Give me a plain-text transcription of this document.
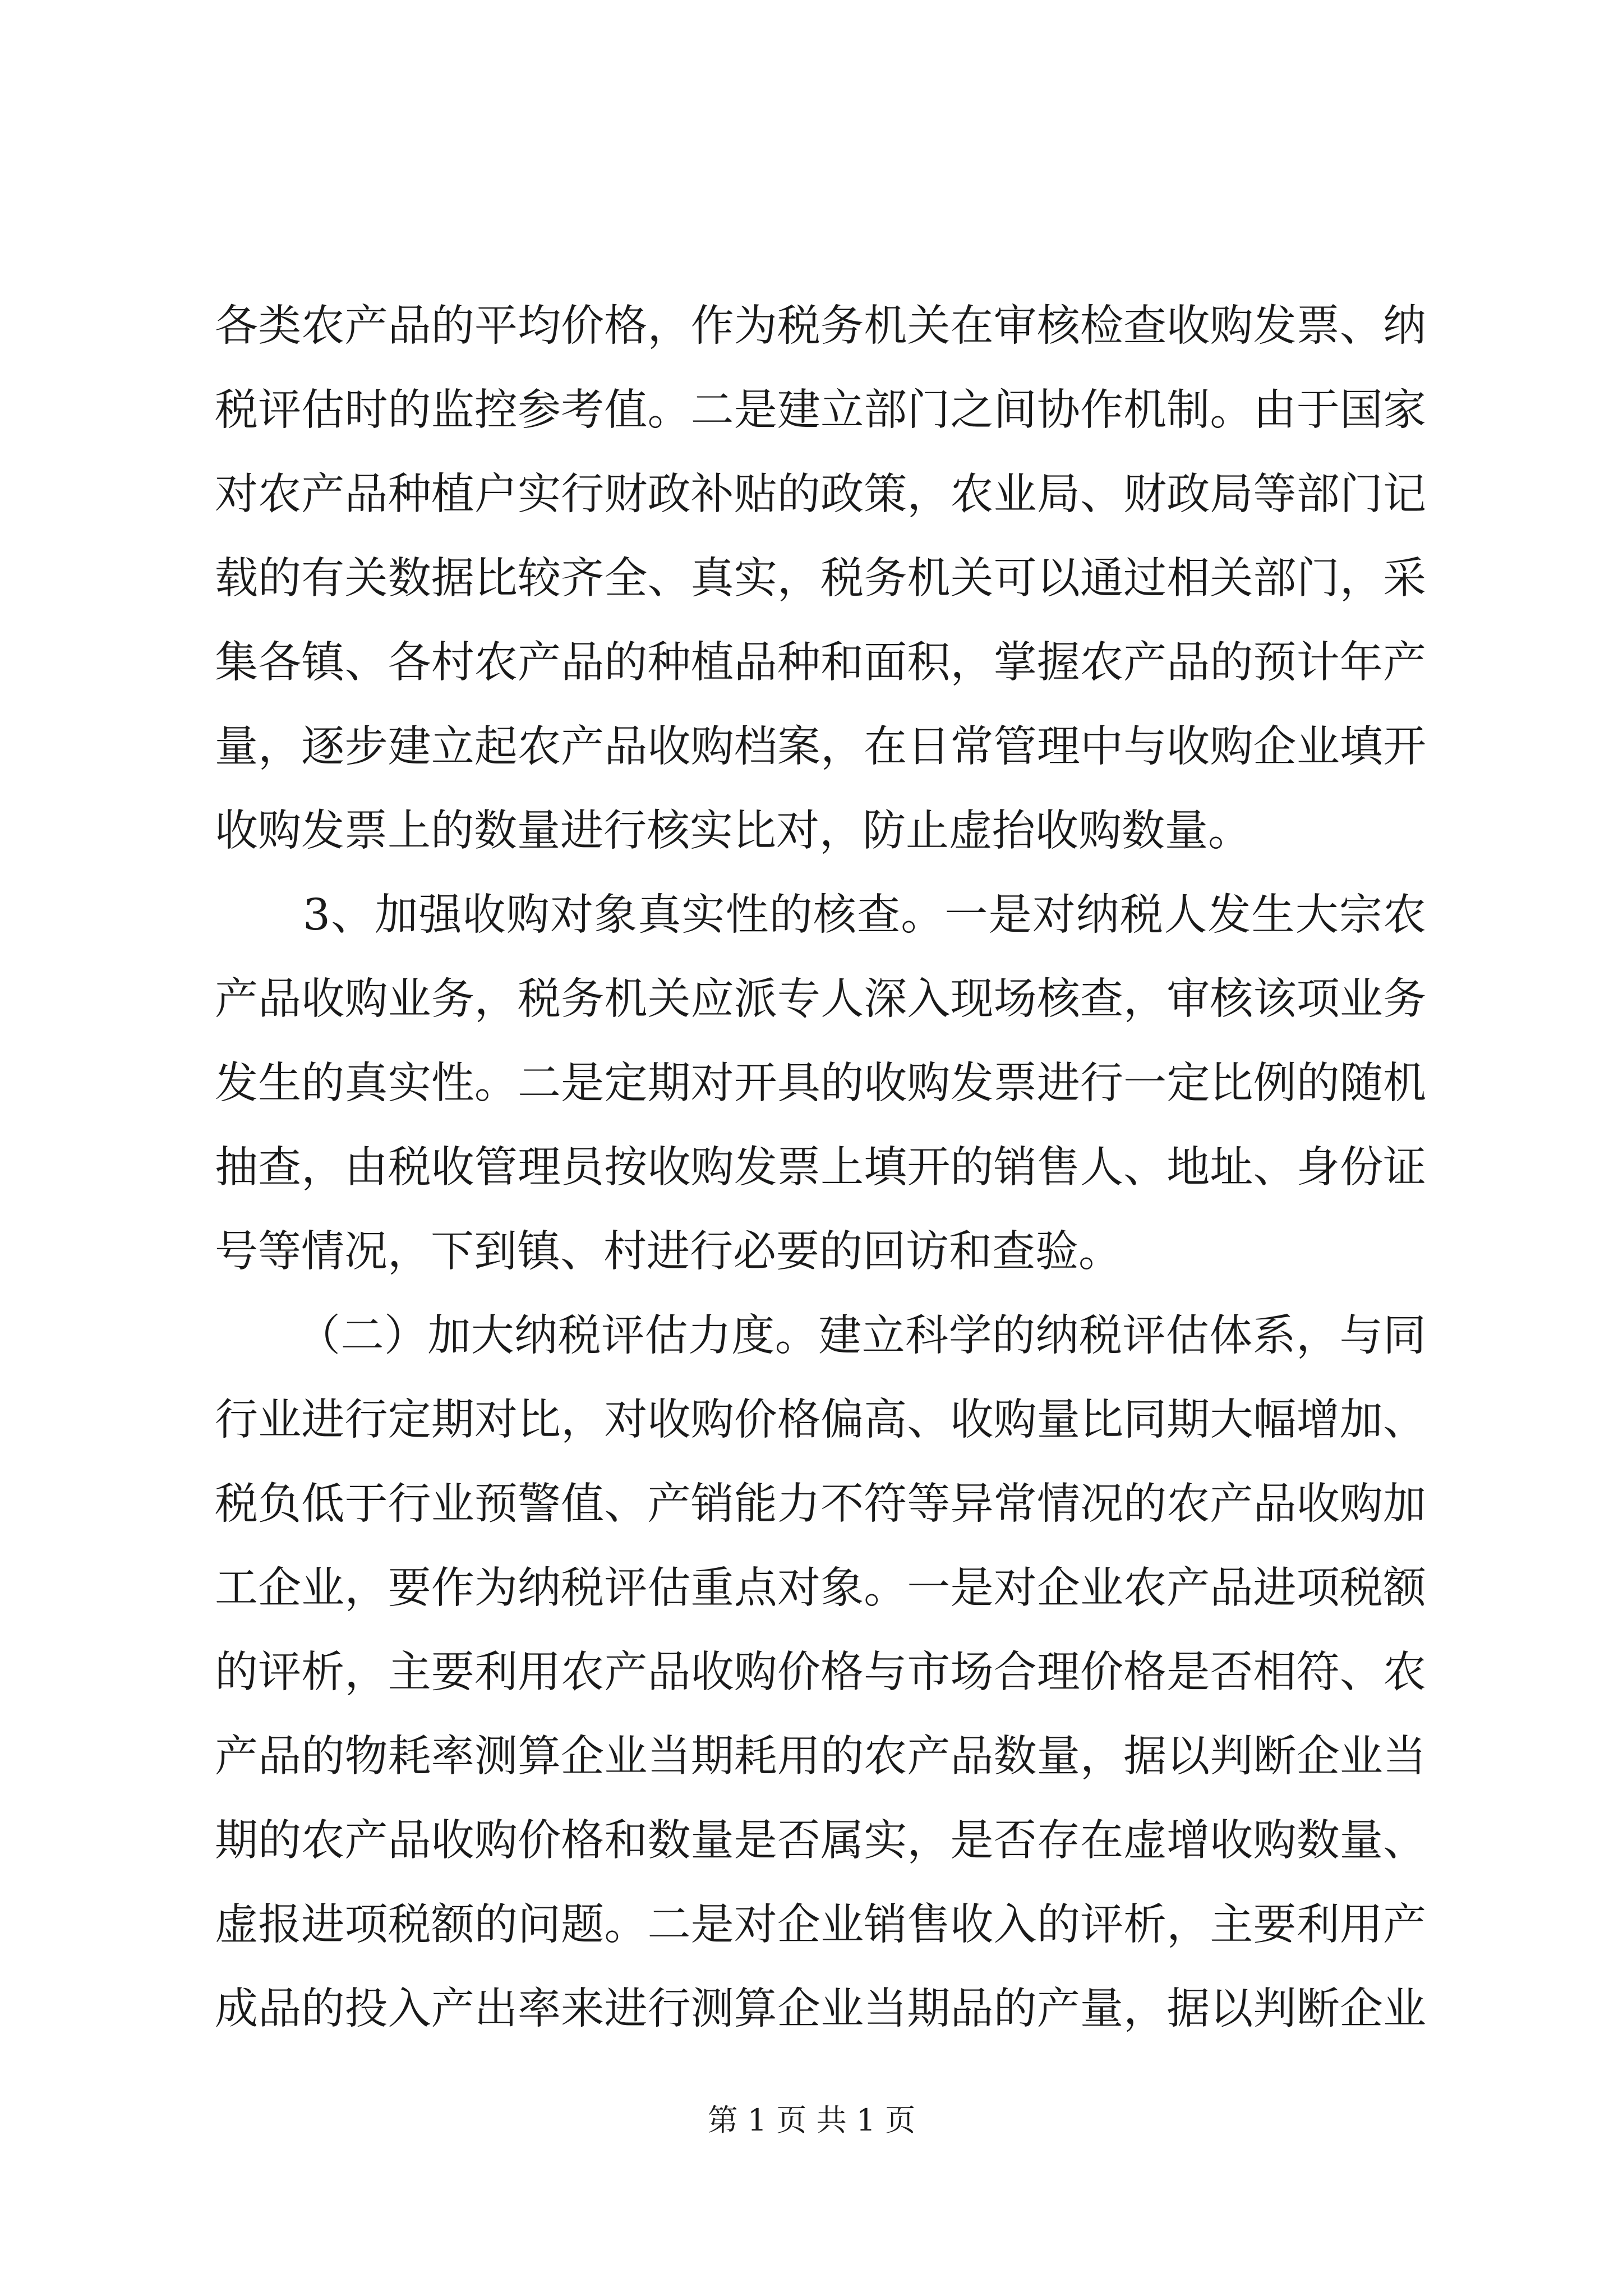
各类农产品的平均价格，作为税务机关在审核检查收购发票、纳
税评估时的监控参考值。二是建立部门之间协作机制。由于国家
对农产品种植户实行财政补贴的政策，农业局、财政局等部门记
载的有关数据比较齐全、真实，税务机关可以通过相关部门，采
集各镇、各村农产品的种植品种和面积，掌握农产品的预计年产
量，逐步建立起农产品收购档案，在日常管理中与收购企业填开
收购发票上的数量进行核实比对，防止虚抬收购数量。
3、加强收购对象真实性的核查。一是对纳税人发生大宗农
产品收购业务，税务机关应派专人深入现场核查，审核该项业务
发生的真实性。二是定期对开具的收购发票进行一定比例的随机
抽查，由税收管理员按收购发票上填开的销售人、地址、身份证
号等情况，下到镇、村进行必要的回访和查验。
（二）加大纳税评估力度。建立科学的纳税评估体系，与同
行业进行定期对比，对收购价格偏高、收购量比同期大幅增加、
税负低于行业预警值、产销能力不符等异常情况的农产品收购加
工企业，要作为纳税评估重点对象。一是对企业农产品进项税额
的评析，主要利用农产品收购价格与市场合理价格是否相符、农
产品的物耗率测算企业当期耗用的农产品数量，据以判断企业当
期的农产品收购价格和数量是否属实，是否存在虚增收购数量、
虚报进项税额的问题。二是对企业销售收入的评析，主要利用产
成品的投入产出率来进行测算企业当期品的产量，据以判断企业
第 1 页 共 1 页
